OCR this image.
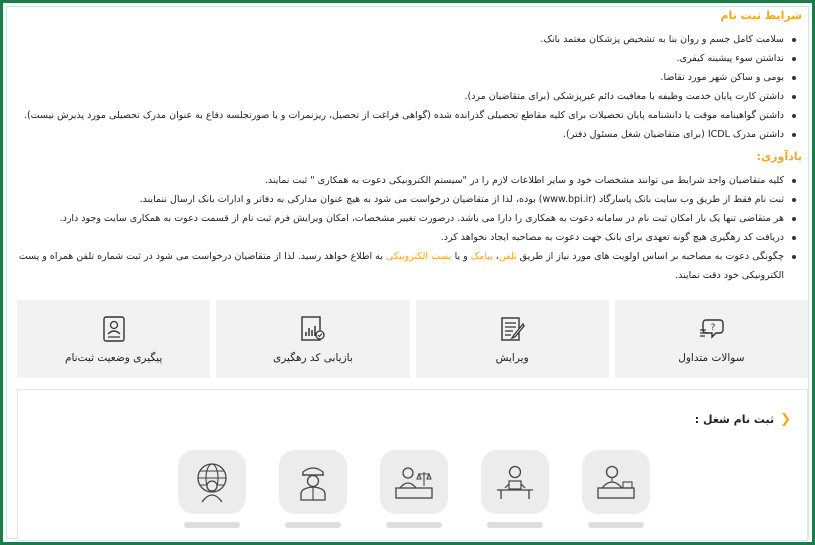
شرایط ثبت نام
سلامت کامل جسم و روان بنا به تشخیص پزشکان معتمد بانک.
نداشتن سوء پیشینه کیفری.
بومی و ساکن شهر مورد تقاضا.
داشتن کارت پایان خدمت وظیفه یا معافیت دائم غیرپزشکی (برای متقاضیان مرد).
داشتن گواهینامه موقت یا دانشنامه پایان تحصیلات برای کلیه مقاطع تحصیلی گذرانده شده (گواهی فراغت از تحصیل، ریزنمرات و یا صورتجلسه دفاع به عنوان مدرک تحصیلی مورد پذیرش نیست).
داشتن مدرک ICDL (برای متقاضیان شغل مسئول دفتر).
یادآوری:
کلیه متقاضیان واجد شرایط می توانند مشخصات خود و سایر اطلاعات لازم را در "سیستم الکترونیکی دعوت به همکاری " ثبت نمایند.
ثبت نام فقط از طریق وب سایت بانک پاسارگاد (www.bpi.ir) بوده، لذا از متقاضیان درخواست می شود به هیچ عنوان مدارکی به دفاتر و ادارات بانک ارسال ننمایند.
هر متقاضی تنها یک بار امکان ثبت نام در سامانه دعوت به همکاری را دارا می باشد. درصورت تغییر مشخصات، امکان ویرایش فرم ثبت نام از قسمت دعوت به همکاری سایت وجود دارد.
دریافت کد رهگیری هیچ گونه تعهدی برای بانک جهت دعوت به مصاحبه ایجاد نخواهد کرد.
چگونگی دعوت به مصاحبه بر اساس اولویت های مورد نیاز از طریق تلفن، پیامک و یا پست الکترونیکی به اطلاع خواهد رسید. لذا از متقاضیان درخواست می شود در ثبت شماره تلفن همراه و پست الکترونیکی خود دقت نمایند.
?
سوالات متداول
ویرایش
بازیابی کد رهگیری
پیگیری وضعیت ثبت‌نام
❮
ثبت نام شغل :
